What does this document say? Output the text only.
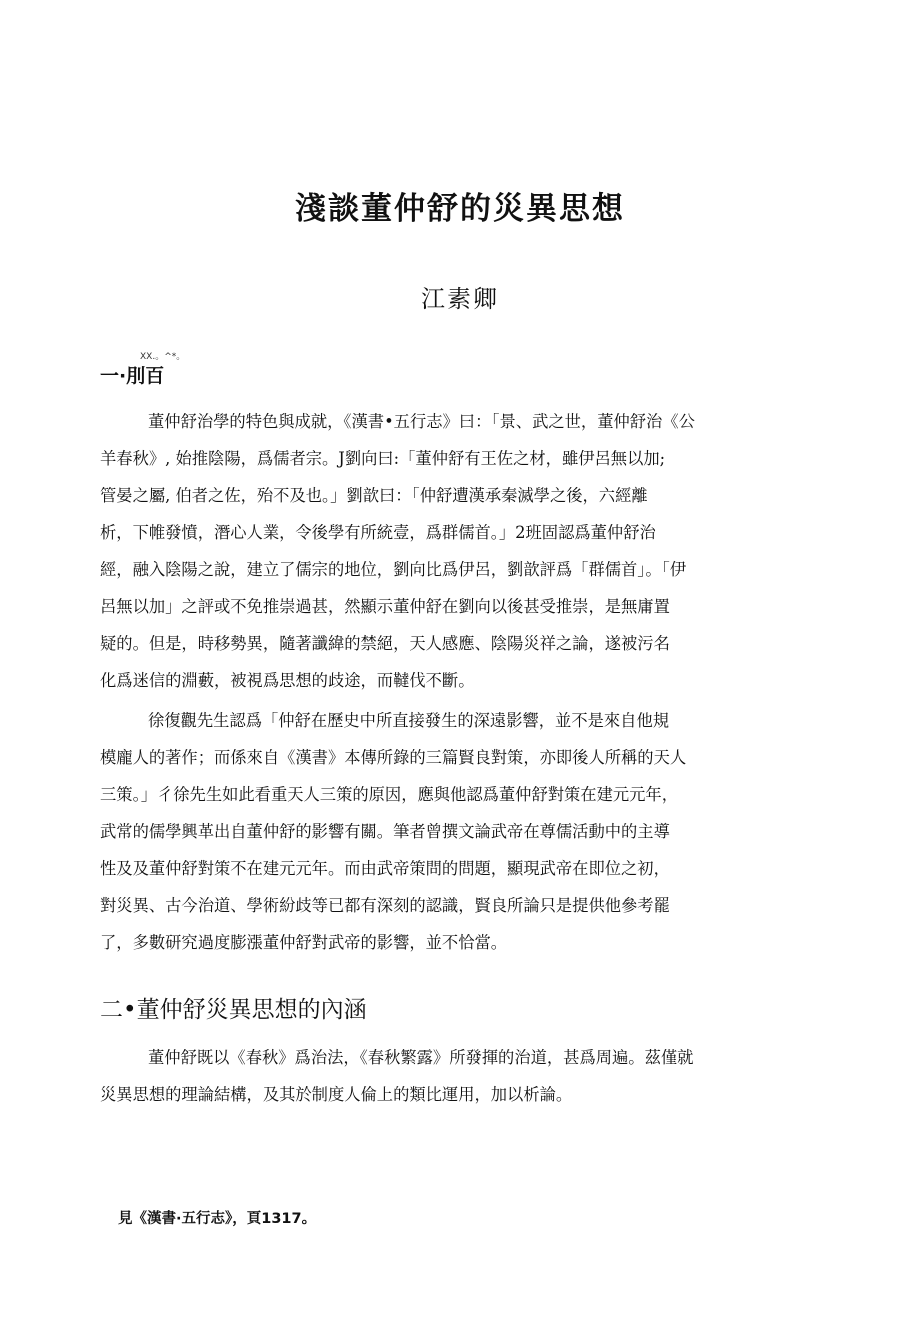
淺談董仲舒的災異思想
江素卿
XX.。^*。
一·刖百
董仲舒治學的特色與成就，《漢書•五行志》曰：「景、武之世，董仲舒治《公
羊春秋》, 始推陰陽，爲儒者宗。J劉向曰:「董仲舒有王佐之材，雖伊呂無以加;
管晏之屬, 伯者之佐，殆不及也。」劉歆曰：「仲舒遭漢承秦滅學之後，六經離
析，下帷發憤，潛心人業，令後學有所統壹，爲群儒首。」2班固認爲董仲舒治
經，融入陰陽之說，建立了儒宗的地位，劉向比爲伊呂，劉歆評爲「群儒首」。「伊
呂無以加」之評或不免推崇過甚，然顯示董仲舒在劉向以後甚受推崇，是無庸置
疑的。但是，時移勢異，隨著讖緯的禁絕，天人感應、陰陽災祥之論，遂被污名
化爲迷信的淵藪，被視爲思想的歧途，而韃伐不斷。
徐復觀先生認爲「仲舒在歷史中所直接發生的深遠影響，並不是來自他規
模龐人的著作；而係來自《漢書》本傳所錄的三篇賢良對策，亦即後人所稱的天人
三策。」彳徐先生如此看重天人三策的原因，應與他認爲董仲舒對策在建元元年，
武常的儒學興革出自董仲舒的影響有關。筆者曾撰文論武帝在尊儒活動中的主導
性及及董仲舒對策不在建元元年。而由武帝策問的問題，顯現武帝在即位之初，
對災異、古今治道、學術紛歧等已都有深刻的認識，賢良所論只是提供他參考罷
了，多數研究過度膨漲董仲舒對武帝的影響，並不恰當。
二•董仲舒災異思想的內涵
董仲舒既以《春秋》爲治法，《春秋繁露》所發揮的治道，甚爲周遍。茲僅就
災異思想的理論結構，及其於制度人倫上的類比運用，加以析論。
見《漢書·五行志》，頁1317。
